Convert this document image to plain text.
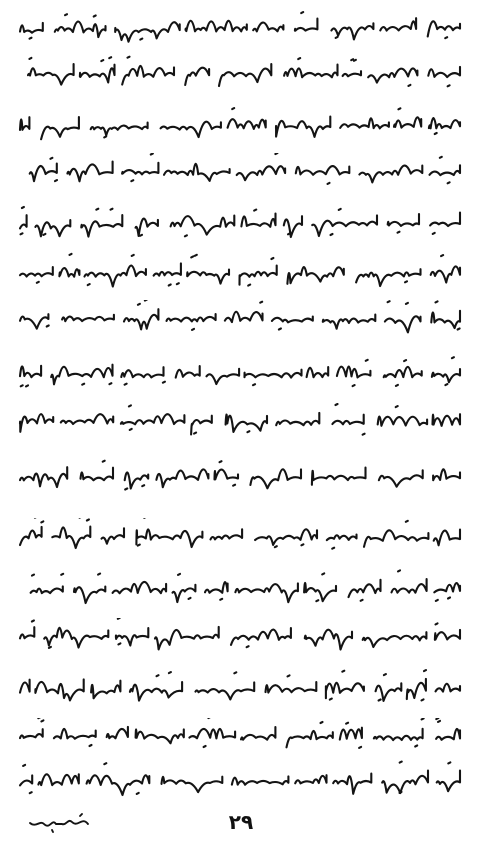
۲۹
